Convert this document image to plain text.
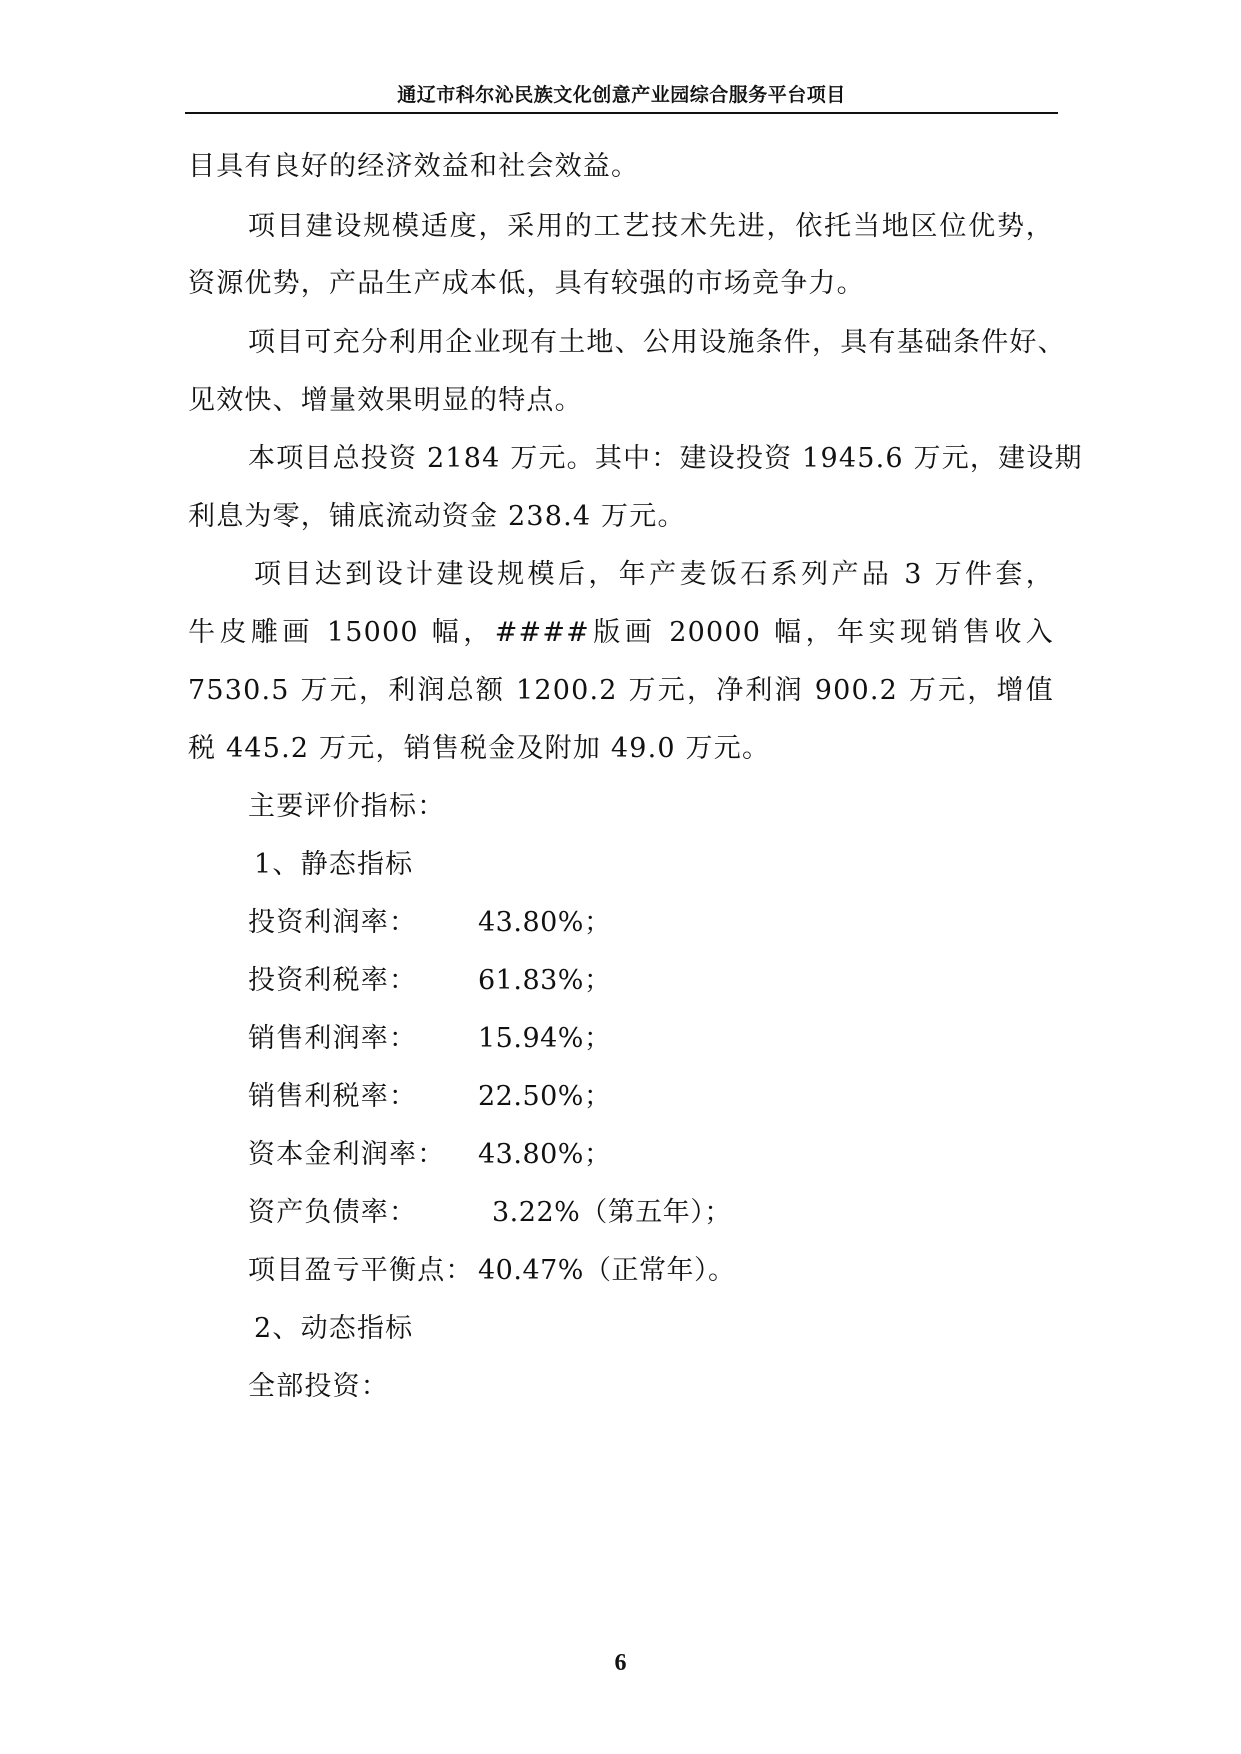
通辽市科尔沁民族文化创意产业园综合服务平台项目
目具有良好的经济效益和社会效益。
项目建设规模适度，采用的工艺技术先进，依托当地区位优势，
资源优势，产品生产成本低，具有较强的市场竞争力。
项目可充分利用企业现有土地、公用设施条件，具有基础条件好、
见效快、增量效果明显的特点。
本项目总投资 2184 万元。其中：建设投资 1945.6 万元，建设期
利息为零，铺底流动资金 238.4 万元。
项目达到设计建设规模后，年产麦饭石系列产品 3 万件套，
牛皮雕画 15000 幅，####版画 20000 幅，年实现销售收入
7530.5 万元，利润总额 1200.2 万元，净利润 900.2 万元，增值
税 445.2 万元，销售税金及附加 49.0 万元。
主要评价指标：
1、静态指标
投资利润率： 43.80%；
投资利税率： 61.83%；
销售利润率： 15.94%；
销售利税率： 22.50%；
资本金利润率： 43.80%；
资产负债率：	3.22%（第五年）；
项目盈亏平衡点： 40.47%（正常年）。
2、动态指标
全部投资：
6
